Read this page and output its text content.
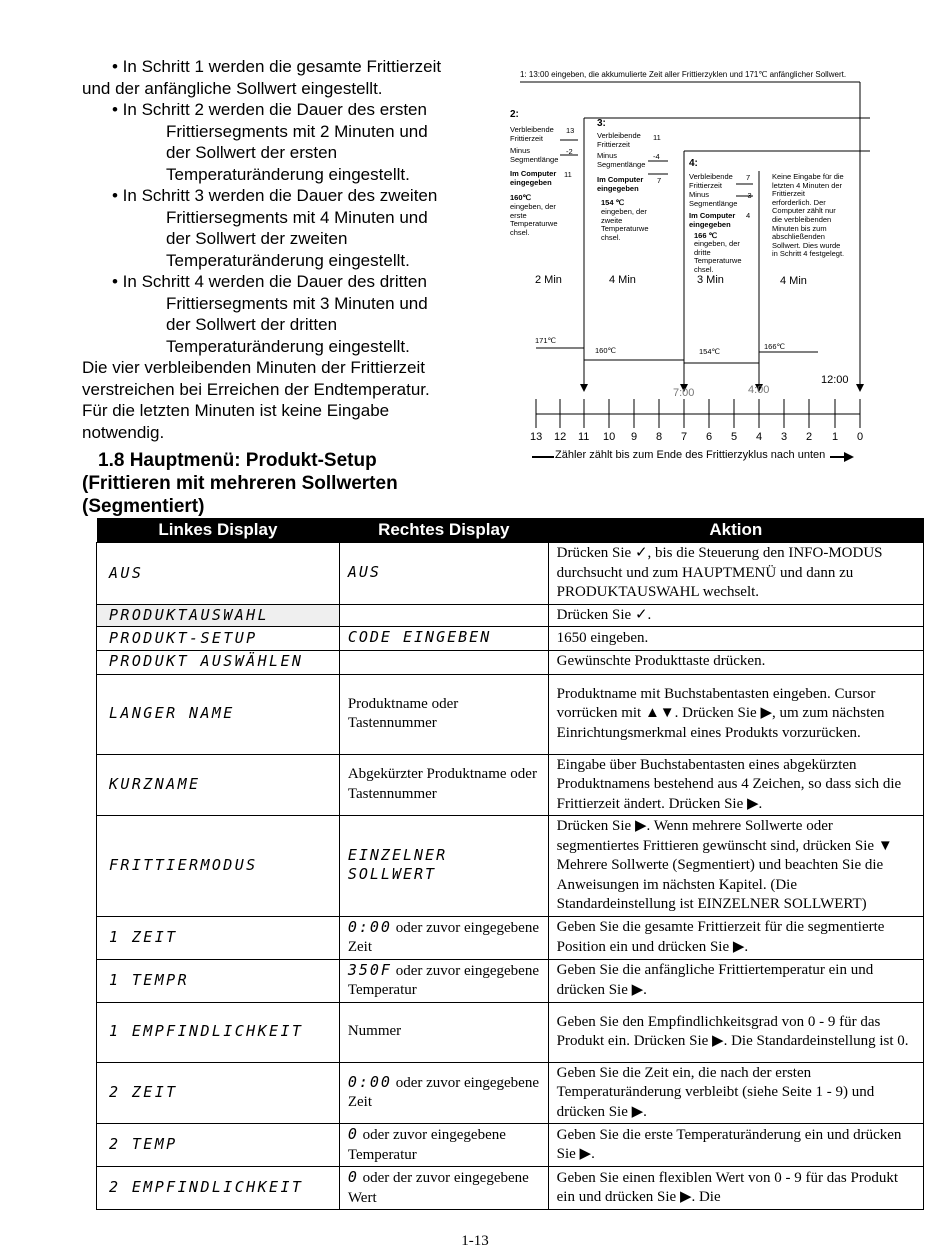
• In Schritt 1 werden die gesamte Frittierzeit
und der anfängliche Sollwert eingestellt.
• In Schritt 2 werden die Dauer des ersten
Frittiersegments mit 2 Minuten und
der Sollwert der ersten
Temperaturänderung eingestellt.
• In Schritt 3 werden die Dauer des zweiten
Frittiersegments mit 4 Minuten und
der Sollwert der zweiten
Temperaturänderung eingestellt.
• In Schritt 4 werden die Dauer des dritten
Frittiersegments mit 3 Minuten und
der Sollwert der dritten
Temperaturänderung eingestellt.
Die vier verbleibenden Minuten der Frittierzeit
verstreichen bei Erreichen der Endtemperatur.
Für die letzten Minuten ist keine Eingabe
notwendig.
1.8 Hauptmenü: Produkt-Setup
(Frittieren mit mehreren Sollwerten
(Segmentiert)
1: 13:00 eingeben, die akkumulierte Zeit aller Frittierzyklen und 171℃ anfänglicher Sollwert.
2:
Verbleibende
Frittierzeit
13
Minus
Segmentlänge
-2
Im Computer
eingegeben
11
160℃
eingeben, der
erste
Temperaturwe
chsel.
3:
Verbleibende
Frittierzeit
11
Minus
Segmentlänge
-4
Im Computer
eingegeben
7
154 ℃
eingeben, der
zweite
Temperaturwe
chsel.
4:
Verbleibende
Frittierzeit
7
Minus
Segmentlänge
-3
Im Computer
eingegeben
4
166 ℃
eingeben, der
dritte
Temperaturwe
chsel.
Keine Eingabe für die
letzten 4 Minuten der
Frittierzeit
erforderlich. Der
Computer zählt nur
die verbleibenden
Minuten bis zum
abschließenden
Sollwert. Dies wurde
in Schritt 4 festgelegt.
2 Min	4 Min	3 Min	4 Min
171℃
160℃	154℃
166℃
7:00	4:00
12:00
13 12 11 10 9 8 7 6 5 4 3 2 1 0
Zähler zählt bis zum Ende des Frittierzyklus nach unten
Linkes Display	Rechtes Display	Aktion
AUS	AUS	Drücken Sie ✓, bis die Steuerung den INFO-MODUS durchsucht und zum HAUPTMENÜ und dann zu PRODUKTAUSWAHL wechselt.
PRODUKTAUSWAHL		Drücken Sie ✓.
PRODUKT-SETUP	CODE EINGEBEN	1650 eingeben.
PRODUKT AUSWÄHLEN		Gewünschte Produkttaste drücken.
LANGER NAME	Produktname oder Tastennummer	Produktname mit Buchstabentasten eingeben. Cursor vorrücken mit ▲▼. Drücken Sie ▶, um zum nächsten Einrichtungsmerkmal eines Produkts vorzurücken.
KURZNAME	Abgekürzter Produktname oder Tastennummer	Eingabe über Buchstabentasten eines abgekürzten Produktnamens bestehend aus 4 Zeichen, so dass sich die Frittierzeit ändert. Drücken Sie ▶.
FRITTIERMODUS	EINZELNER SOLLWERT	Drücken Sie ▶. Wenn mehrere Sollwerte oder segmentiertes Frittieren gewünscht sind, drücken Sie ▼ Mehrere Sollwerte (Segmentiert) und beachten Sie die Anweisungen im nächsten Kapitel. (Die Standardeinstellung ist EINZELNER SOLLWERT)
1 ZEIT	0:00 oder zuvor eingegebene Zeit	Geben Sie die gesamte Frittierzeit für die segmentierte Position ein und drücken Sie ▶.
1 TEMPR	350F oder zuvor eingegebene Temperatur	Geben Sie die anfängliche Frittiertemperatur ein und drücken Sie ▶.
1 EMPFINDLICHKEIT	Nummer	Geben Sie den Empfindlichkeitsgrad von 0 - 9 für das Produkt ein. Drücken Sie ▶. Die Standardeinstellung ist 0.
2 ZEIT	0:00 oder zuvor eingegebene Zeit	Geben Sie die Zeit ein, die nach der ersten Temperaturänderung verbleibt (siehe Seite 1 - 9) und drücken Sie ▶.
2 TEMP	0 oder zuvor eingegebene Temperatur	Geben Sie die erste Temperaturänderung ein und drücken Sie ▶.
2 EMPFINDLICHKEIT	0 oder der zuvor eingegebene Wert	Geben Sie einen flexiblen Wert von 0 - 9 für das Produkt ein und drücken Sie ▶. Die
1-13
